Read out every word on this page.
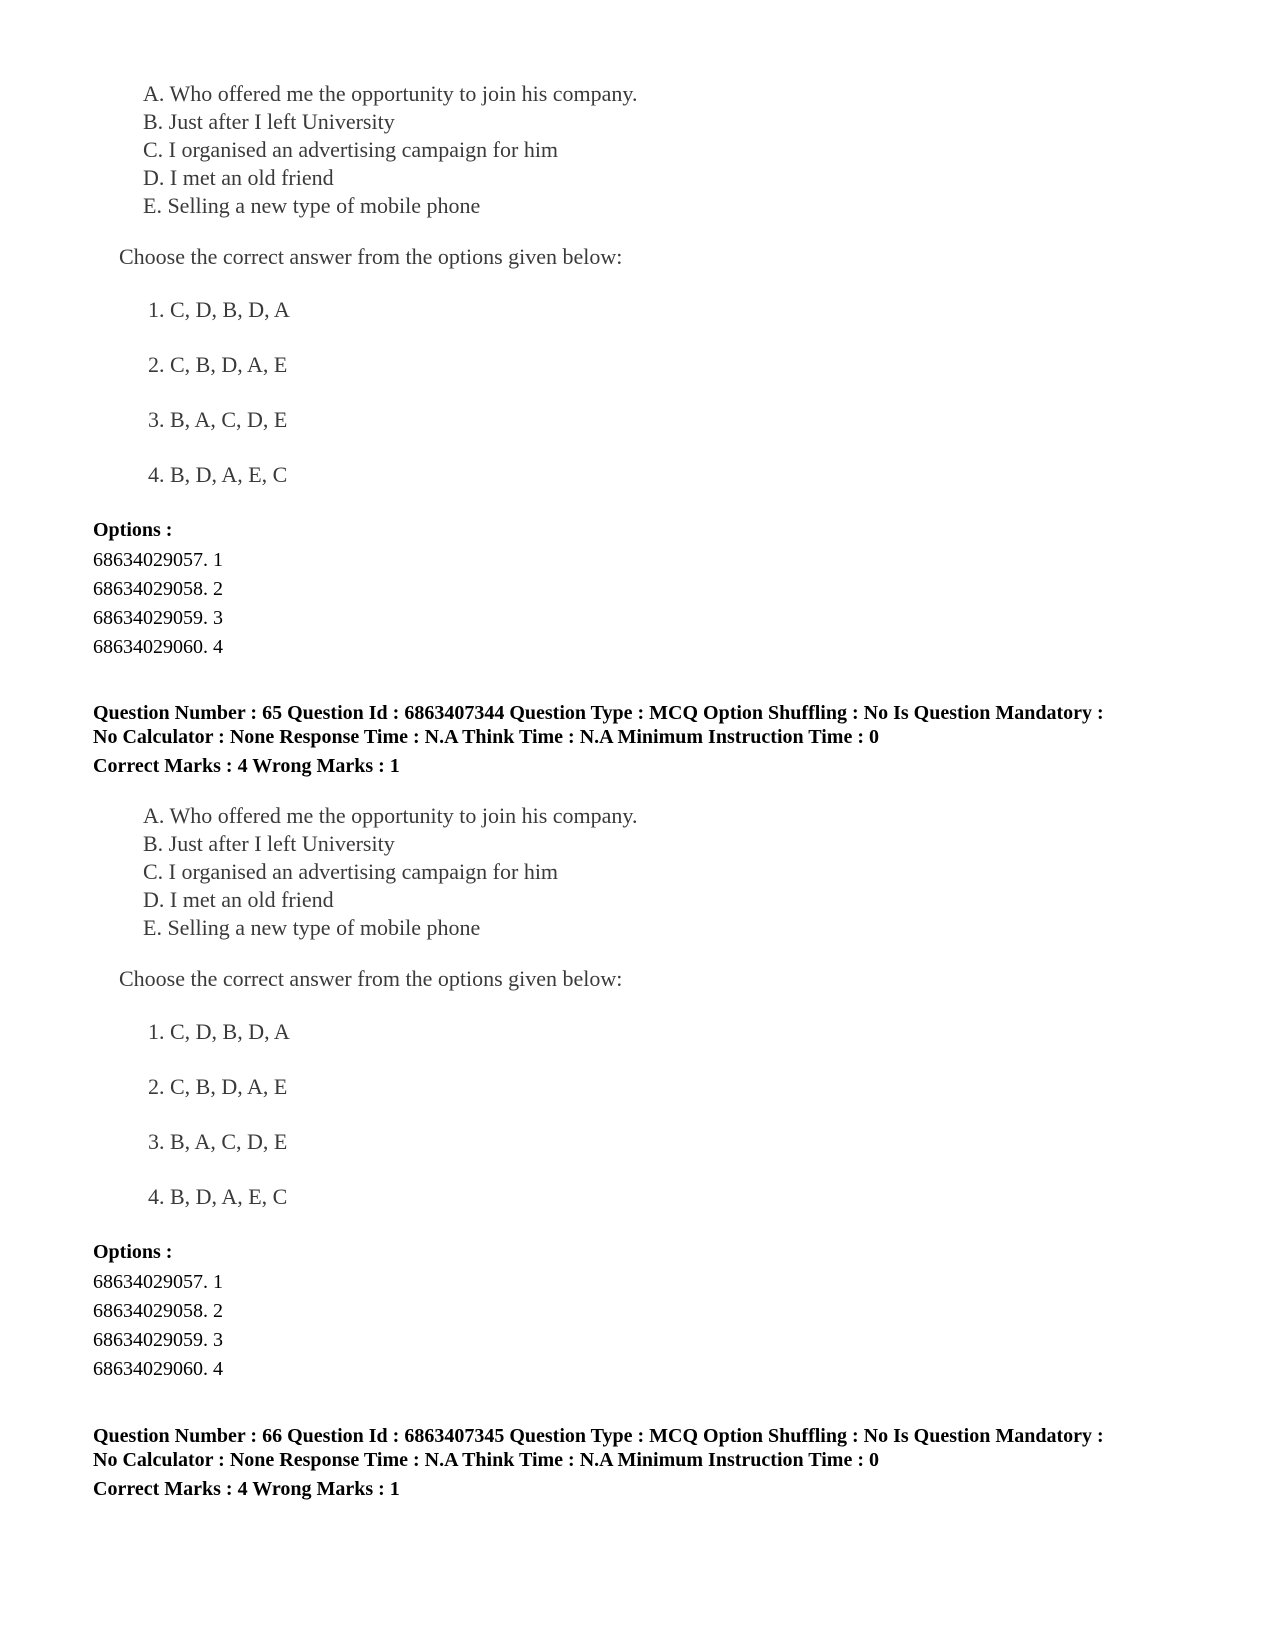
A. Who offered me the opportunity to join his company.
B. Just after I left University
C. I organised an advertising campaign for him
D. I met an old friend
E. Selling a new type of mobile phone
Choose the correct answer from the options given below:
1. C, D, B, D, A
2. C, B, D, A, E
3. B, A, C, D, E
4. B, D, A, E, C
Options :
68634029057. 1
68634029058. 2
68634029059. 3
68634029060. 4
Question Number : 65 Question Id : 6863407344 Question Type : MCQ Option Shuffling : No Is Question Mandatory :
No Calculator : None Response Time : N.A Think Time : N.A Minimum Instruction Time : 0
Correct Marks : 4 Wrong Marks : 1
A. Who offered me the opportunity to join his company.
B. Just after I left University
C. I organised an advertising campaign for him
D. I met an old friend
E. Selling a new type of mobile phone
Choose the correct answer from the options given below:
1. C, D, B, D, A
2. C, B, D, A, E
3. B, A, C, D, E
4. B, D, A, E, C
Options :
68634029057. 1
68634029058. 2
68634029059. 3
68634029060. 4
Question Number : 66 Question Id : 6863407345 Question Type : MCQ Option Shuffling : No Is Question Mandatory :
No Calculator : None Response Time : N.A Think Time : N.A Minimum Instruction Time : 0
Correct Marks : 4 Wrong Marks : 1
